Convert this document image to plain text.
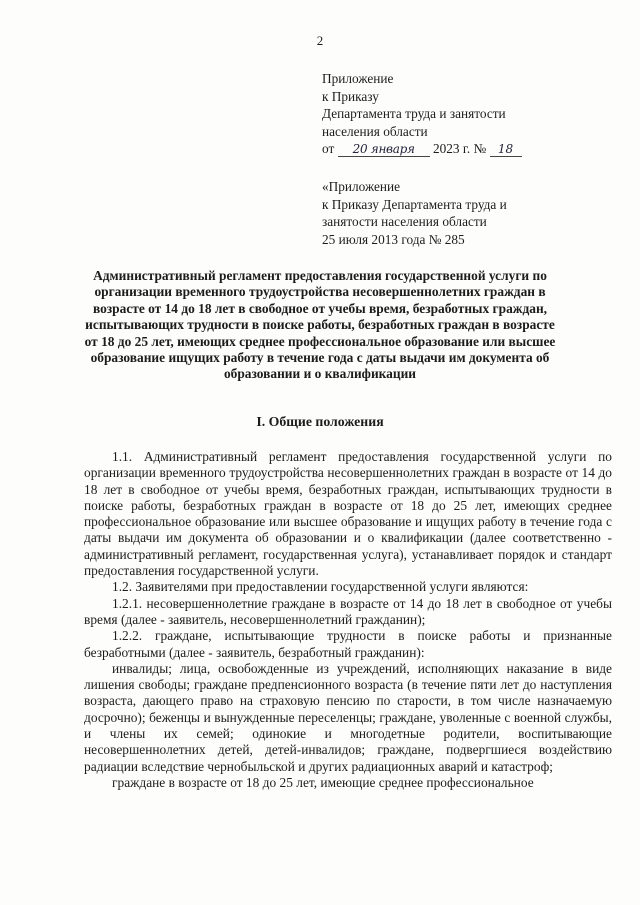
2
Приложение
к Приказу
Департамента труда и занятости
населения области
от 20 января 2023 г. № 18
«Приложение
к Приказу Департамента труда и
занятости населения области
25 июля 2013 года № 285
Административный регламент предоставления государственной услуги по
организации временного трудоустройства несовершеннолетних граждан в
возрасте от 14 до 18 лет в свободное от учебы время, безработных граждан,
испытывающих трудности в поиске работы, безработных граждан в возрасте
от 18 до 25 лет, имеющих среднее профессиональное образование или высшее
образование ищущих работу в течение года с даты выдачи им документа об
образовании и о квалификации
I. Общие положения

1.1. Административный регламент предоставления государственной услуги по организации временного трудоустройства несовершеннолетних граждан в возрасте от 14 до 18 лет в свободное от учебы время, безработных граждан, испытывающих трудности в поиске работы, безработных граждан в возрасте от 18 до 25 лет, имеющих среднее профессиональное образование или высшее образование и ищущих работу в течение года с даты выдачи им документа об образовании и о квалификации (далее соответственно - административный регламент, государственная услуга), устанавливает порядок и стандарт предоставления государственной услуги.

1.2. Заявителями при предоставлении государственной услуги являются:

1.2.1. несовершеннолетние граждане в возрасте от 14 до 18 лет в свободное от учебы время (далее - заявитель, несовершеннолетний гражданин);

1.2.2. граждане, испытывающие трудности в поиске работы и признанные безработными (далее - заявитель, безработный гражданин):

инвалиды; лица, освобожденные из учреждений, исполняющих наказание в виде лишения свободы; граждане предпенсионного возраста (в течение пяти лет до наступления возраста, дающего право на страховую пенсию по старости, в том числе назначаемую досрочно); беженцы и вынужденные переселенцы; граждане, уволенные с военной службы, и члены их семей; одинокие и многодетные родители, воспитывающие несовершеннолетних детей, детей-инвалидов; граждане, подвергшиеся воздействию радиации вследствие чернобыльской и других радиационных аварий и катастроф;

граждане в возрасте от 18 до 25 лет, имеющие среднее профессиональное
